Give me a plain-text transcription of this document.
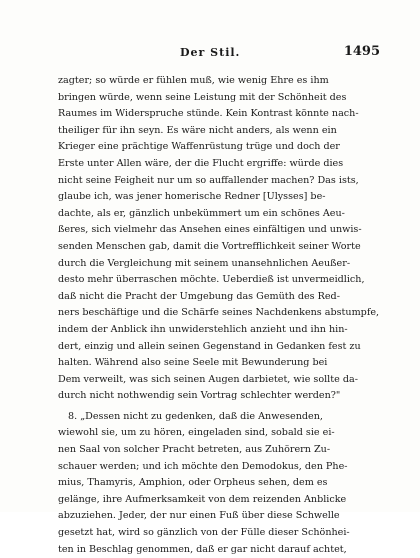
Der Stil.	1495
zagter; so würde er fühlen muß, wie wenig Ehre es ihm
bringen würde, wenn seine Leistung mit der Schönheit des
Raumes im Widerspruche stünde. Kein Kontrast könnte nach-
theiliger für ihn seyn. Es wäre nicht anders, als wenn ein
Krieger eine prächtige Waffenrüstung trüge und doch der
Erste unter Allen wäre, der die Flucht ergriffe: würde dies
nicht seine Feigheit nur um so auffallender machen? Das ists,
glaube ich, was jener homerische Redner [Ulysses] be-
dachte, als er, gänzlich unbekümmert um ein schönes Aeu-
ßeres, sich vielmehr das Ansehen eines einfältigen und unwis-
senden Menschen gab, damit die Vortrefflichkeit seiner Worte
durch die Vergleichung mit seinem unansehnlichen Aeußer-
desto mehr überraschen möchte. Ueberdieß ist unvermeidlich,
daß nicht die Pracht der Umgebung das Gemüth des Red-
ners beschäftige und die Schärfe seines Nachdenkens abstumpfe,
indem der Anblick ihn unwiderstehlich anzieht und ihn hin-
dert, einzig und allein seinen Gegenstand in Gedanken fest zu
halten. Während also seine Seele mit Bewunderung bei
Dem verweilt, was sich seinen Augen darbietet, wie sollte da-
durch nicht nothwendig sein Vortrag schlechter werden?"
8. „Dessen nicht zu gedenken, daß die Anwesenden,
wiewohl sie, um zu hören, eingeladen sind, sobald sie ei-
nen Saal von solcher Pracht betreten, aus Zuhörern Zu-
schauer werden; und ich möchte den Demodokus, den Phe-
mius, Thamyris, Amphion, oder Orpheus sehen, dem es
gelänge, ihre Aufmerksamkeit von dem reizenden Anblicke
abzuziehen. Jeder, der nur einen Fuß über diese Schwelle
gesetzt hat, wird so gänzlich von der Fülle dieser Schönhei-
ten in Beschlag genommen, daß er gar nicht darauf achtet,
